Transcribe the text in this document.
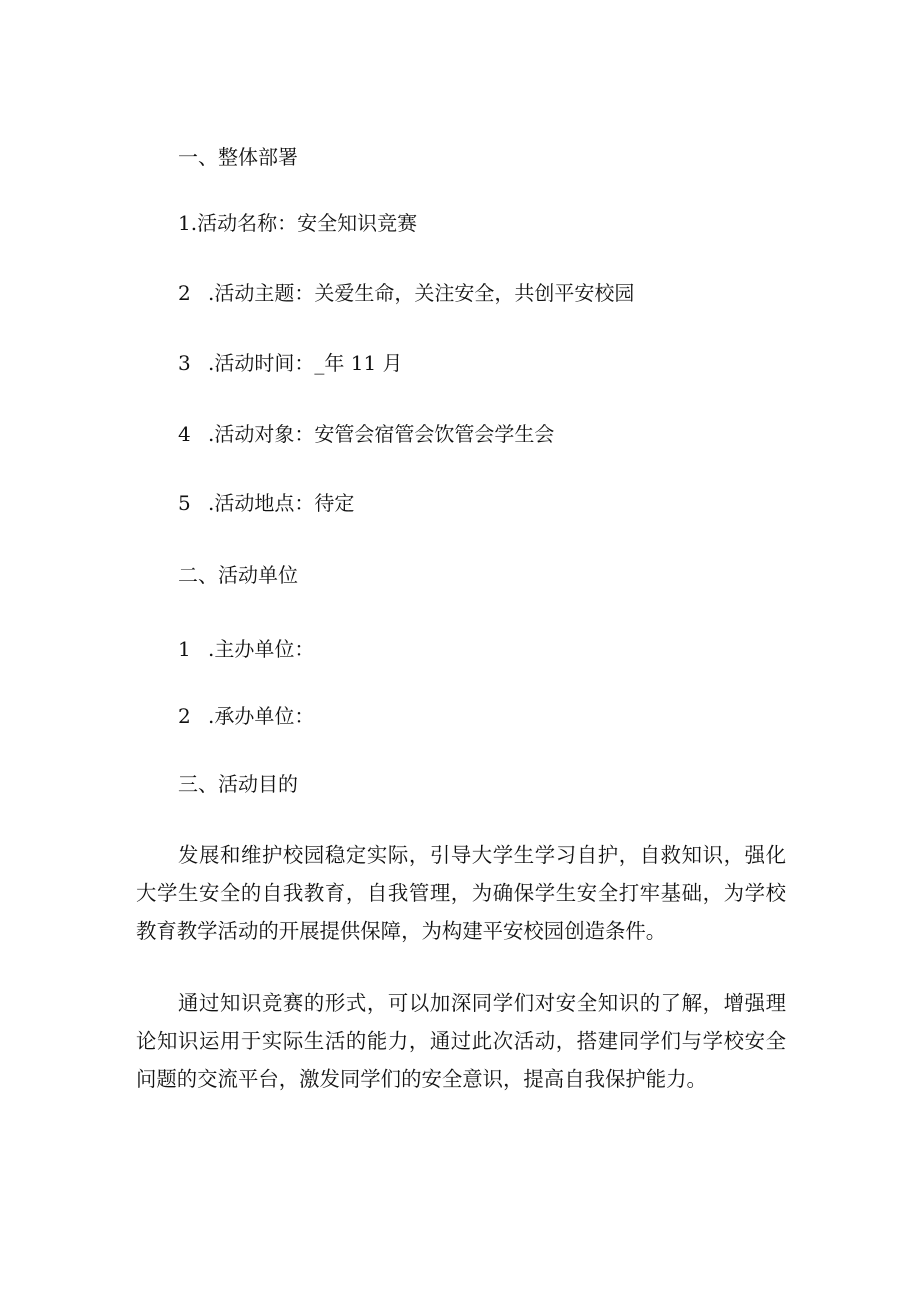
一、整体部署
1.活动名称：安全知识竞赛
2 .活动主题：关爱生命，关注安全，共创平安校园
3 .活动时间：_年 11 月
4 .活动对象：安管会宿管会饮管会学生会
5 .活动地点：待定
二、活动单位
1 .主办单位：
2 .承办单位：
三、活动目的
发展和维护校园稳定实际，引导大学生学习自护，自救知识，强化大学生安全的自我教育，自我管理，为确保学生安全打牢基础，为学校教育教学活动的开展提供保障，为构建平安校园创造条件。
通过知识竞赛的形式，可以加深同学们对安全知识的了解，增强理论知识运用于实际生活的能力，通过此次活动，搭建同学们与学校安全问题的交流平台，激发同学们的安全意识，提高自我保护能力。
